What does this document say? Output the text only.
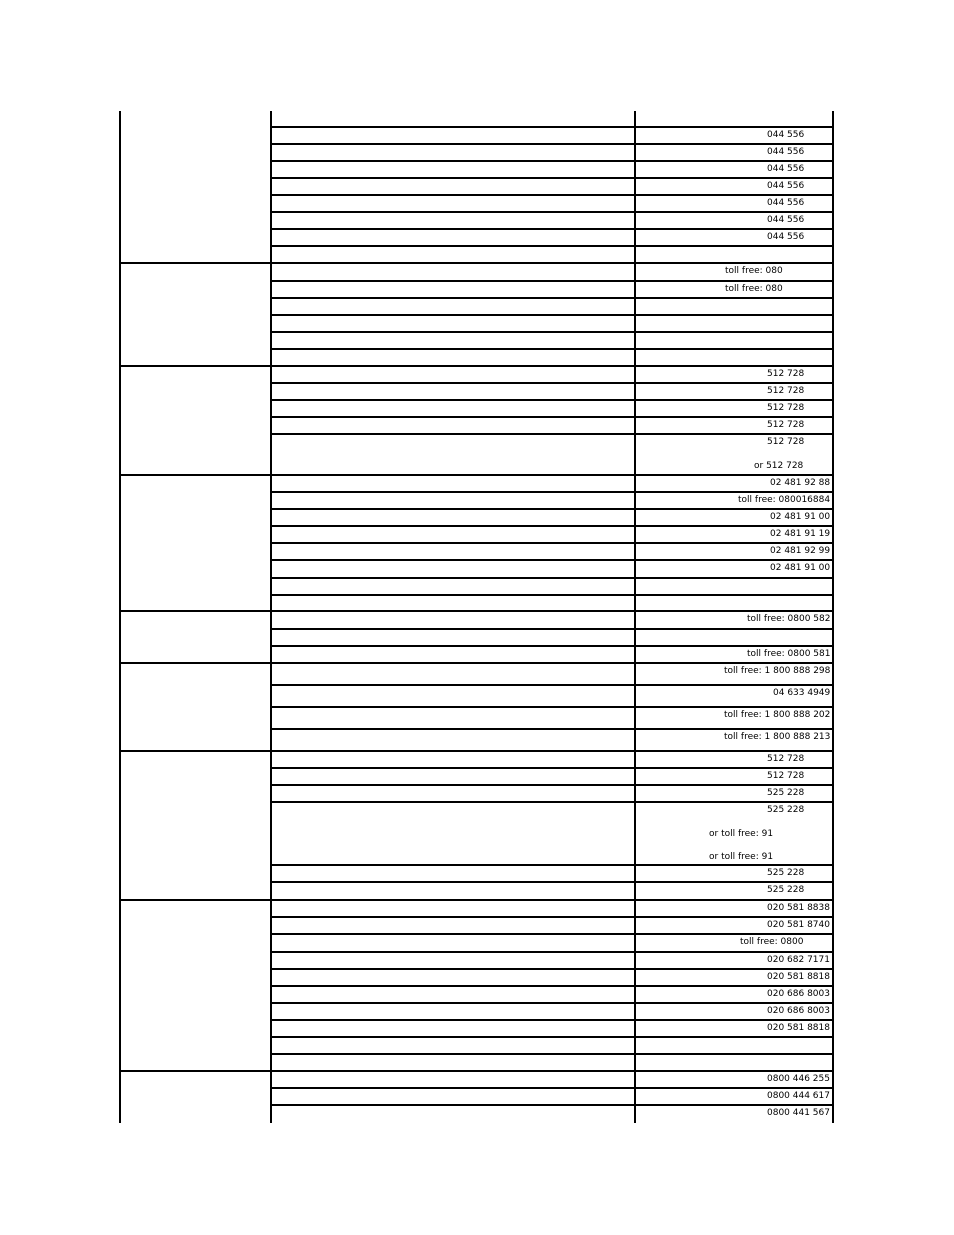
044 556
044 556
044 556
044 556
044 556
044 556
044 556
toll free: 080
toll free: 080
512 728
512 728
512 728
512 728
512 728
or 512 728
02 481 92 88
toll free: 080016884
02 481 91 00
02 481 91 19
02 481 92 99
02 481 91 00
toll free: 0800 582
toll free: 0800 581
toll free: 1 800 888 298
04 633 4949
toll free: 1 800 888 202
toll free: 1 800 888 213
512 728
512 728
525 228
525 228
or toll free: 91
or toll free: 91
525 228
525 228
020 581 8838
020 581 8740
toll free: 0800
020 682 7171
020 581 8818
020 686 8003
020 686 8003
020 581 8818
0800 446 255
0800 444 617
0800 441 567
